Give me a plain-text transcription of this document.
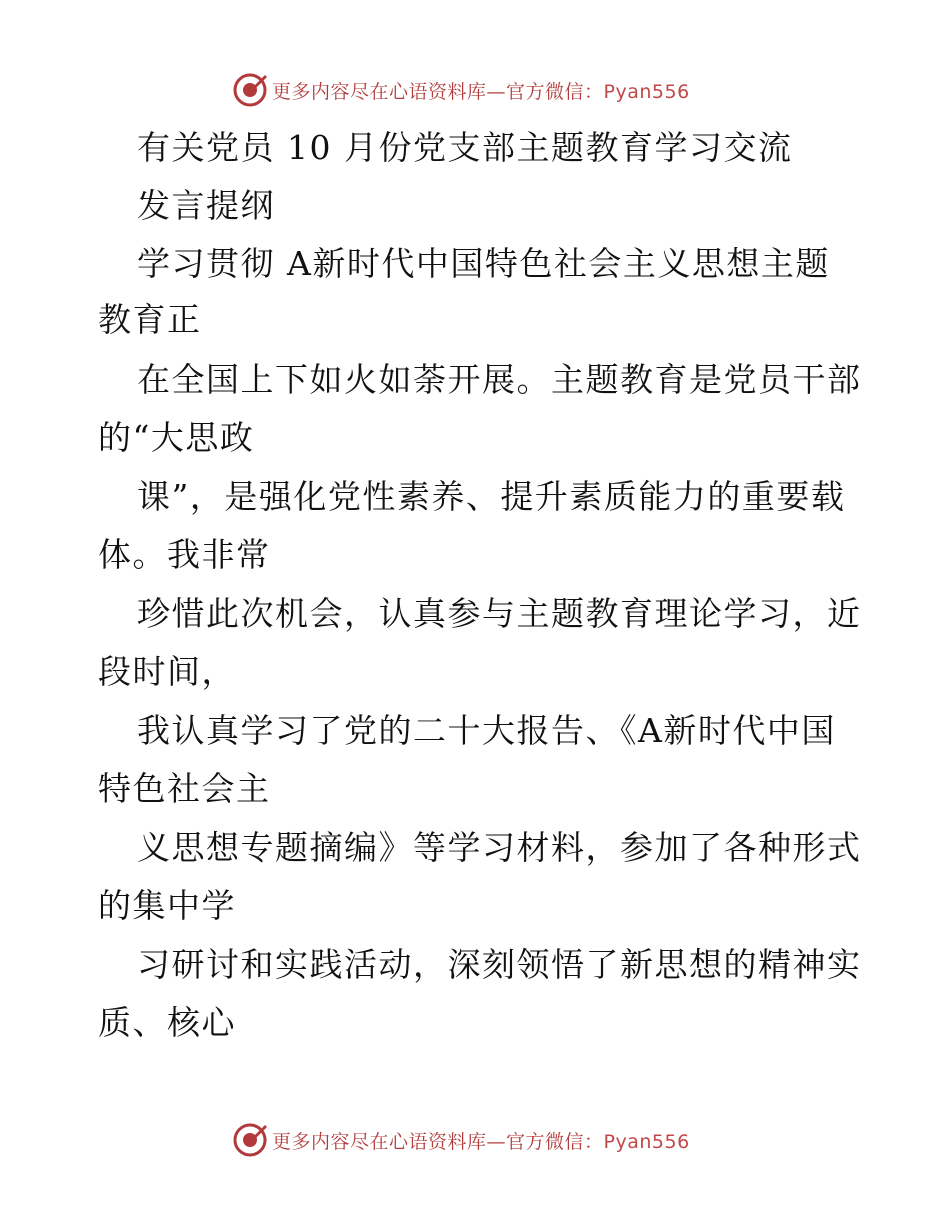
更多内容尽在心语资料库—官方微信：Pyan556
有关党员 10 月份党支部主题教育学习交流
发言提纲
学习贯彻 A新时代中国特色社会主义思想主题
教育正
在全国上下如火如荼开展。主题教育是党员干部
的“大思政
课”，是强化党性素养、提升素质能力的重要载
体。我非常
珍惜此次机会，认真参与主题教育理论学习，近
段时间，
我认真学习了党的二十大报告、《A新时代中国
特色社会主
义思想专题摘编》等学习材料，参加了各种形式
的集中学
习研讨和实践活动，深刻领悟了新思想的精神实
质、核心
更多内容尽在心语资料库—官方微信：Pyan556
